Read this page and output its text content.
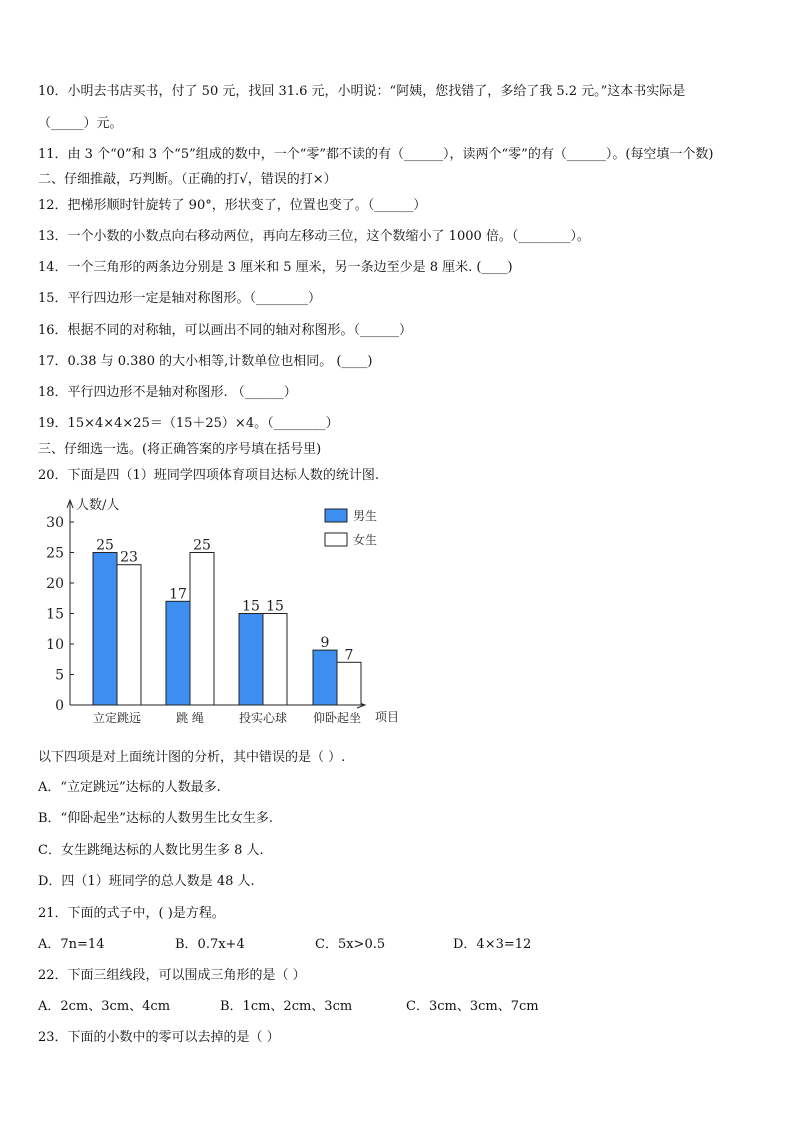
10．小明去书店买书，付了 50 元，找回 31.6 元，小明说：“阿姨，您找错了，多给了我 5.2 元。”这本书实际是
（_____）元。
11．由 3 个“0”和 3 个“5”组成的数中，一个“零”都不读的有（______），读两个“零”的有（______）。(每空填一个数)
二、仔细推敲，巧判断。（正确的打√，错误的打×）
12．把梯形顺时针旋转了 90°，形状变了，位置也变了。（______）
13．一个小数的小数点向右移动两位，再向左移动三位，这个数缩小了 1000 倍。（________）。
14．一个三角形的两条边分别是 3 厘米和 5 厘米，另一条边至少是 8 厘米. (____)
15．平行四边形一定是轴对称图形。（________）
16．根据不同的对称轴，可以画出不同的轴对称图形。（______）
17．0.38 与 0.380 的大小相等,计数单位也相同。 (____)
18．平行四边形不是轴对称图形. （______）
19．15×4×4×25＝（15＋25）×4。（________）
三、仔细选一选。(将正确答案的序号填在括号里)
20．下面是四（1）班同学四项体育项目达标人数的统计图.
0
5
10
15
20
25
30
人数/人
项目
25
23
立定跳远
17
25
跳 绳
15 15
投实心球
9
7
仰卧起坐
男生
女生
以下四项是对上面统计图的分析，其中错误的是（ ）.
A．“立定跳远”达标的人数最多.
B．“仰卧起坐”达标的人数男生比女生多.
C．女生跳绳达标的人数比男生多 8 人.
D．四（1）班同学的总人数是 48 人.
21．下面的式子中，( )是方程。
A．7n=14	B．0.7x+4	C．5x>0.5	D．4×3=12
22．下面三组线段，可以围成三角形的是（ ）
A．2cm、3cm、4cm	B．1cm、2cm、3cm	C．3cm、3cm、7cm
23．下面的小数中的零可以去掉的是（ ）
